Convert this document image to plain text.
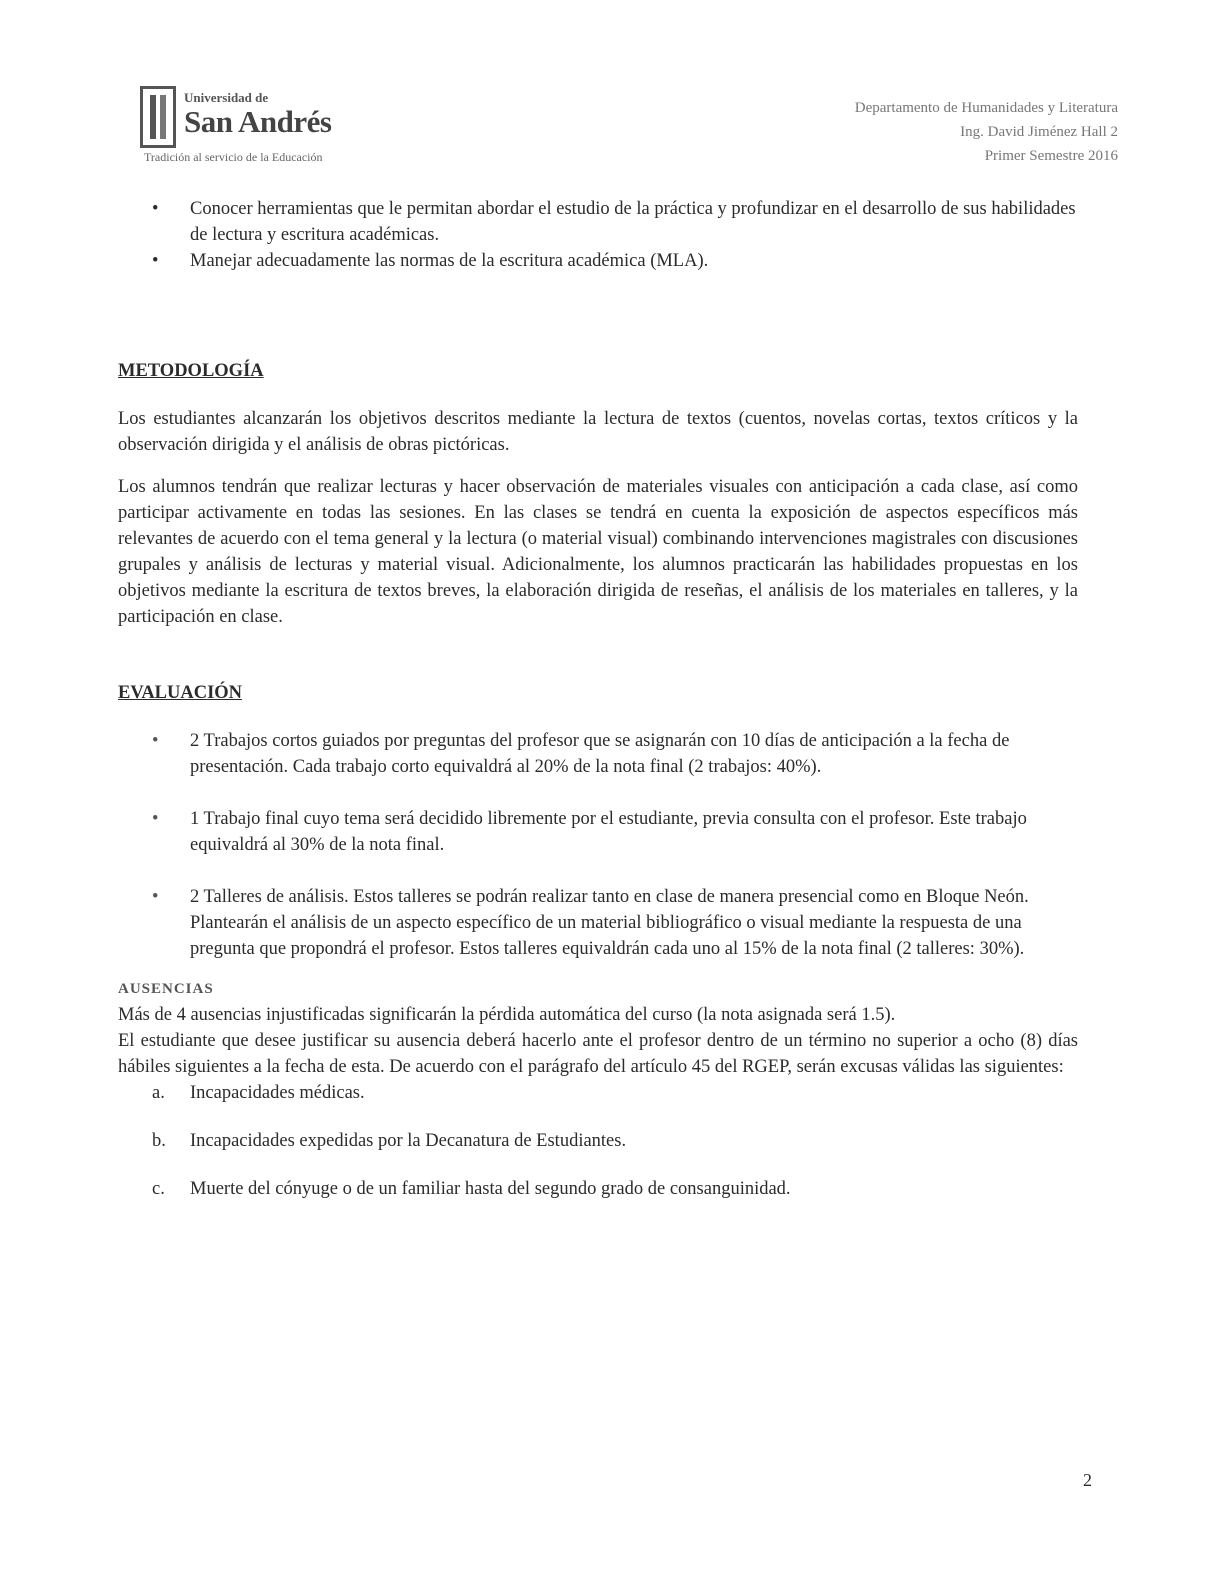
Universidad de
San Andrés
Tradición al servicio de la Educación
Departamento de Humanidades y Literatura
Ing. David Jiménez Hall 2
Primer Semestre 2016
• Conocer herramientas que le permitan abordar el estudio de la práctica y profundizar en el desarrollo de sus habilidades de lectura y escritura académicas.
• Manejar adecuadamente las normas de la escritura académica (MLA).
METODOLOGÍA

Los estudiantes alcanzarán los objetivos descritos mediante la lectura de textos (cuentos, novelas cortas, textos críticos y la observación dirigida y el análisis de obras pictóricas.

Los alumnos tendrán que realizar lecturas y hacer observación de materiales visuales con anticipación a cada clase, así como participar activamente en todas las sesiones. En las clases se tendrá en cuenta la exposición de aspectos específicos más relevantes de acuerdo con el tema general y la lectura (o material visual) combinando intervenciones magistrales con discusiones grupales y análisis de lecturas y material visual. Adicionalmente, los alumnos practicarán las habilidades propuestas en los objetivos mediante la escritura de textos breves, la elaboración dirigida de reseñas, el análisis de los materiales en talleres, y la participación en clase.

EVALUACIÓN
• 2 Trabajos cortos guiados por preguntas del profesor que se asignarán con 10 días de anticipación a la fecha de presentación. Cada trabajo corto equivaldrá al 20% de la nota final (2 trabajos: 40%).
• 1 Trabajo final cuyo tema será decidido libremente por el estudiante, previa consulta con el profesor. Este trabajo equivaldrá al 30% de la nota final.
• 2 Talleres de análisis. Estos talleres se podrán realizar tanto en clase de manera presencial como en Bloque Neón. Plantearán el análisis de un aspecto específico de un material bibliográfico o visual mediante la respuesta de una pregunta que propondrá el profesor. Estos talleres equivaldrán cada uno al 15% de la nota final (2 talleres: 30%).
AUSENCIAS

Más de 4 ausencias injustificadas significarán la pérdida automática del curso (la nota asignada será 1.5).

El estudiante que desee justificar su ausencia deberá hacerlo ante el profesor dentro de un término no superior a ocho (8) días hábiles siguientes a la fecha de esta. De acuerdo con el parágrafo del artículo 45 del RGEP, serán excusas válidas las siguientes:

a. Incapacidades médicas.
b. Incapacidades expedidas por la Decanatura de Estudiantes.
c. Muerte del cónyuge o de un familiar hasta del segundo grado de consanguinidad.
2
